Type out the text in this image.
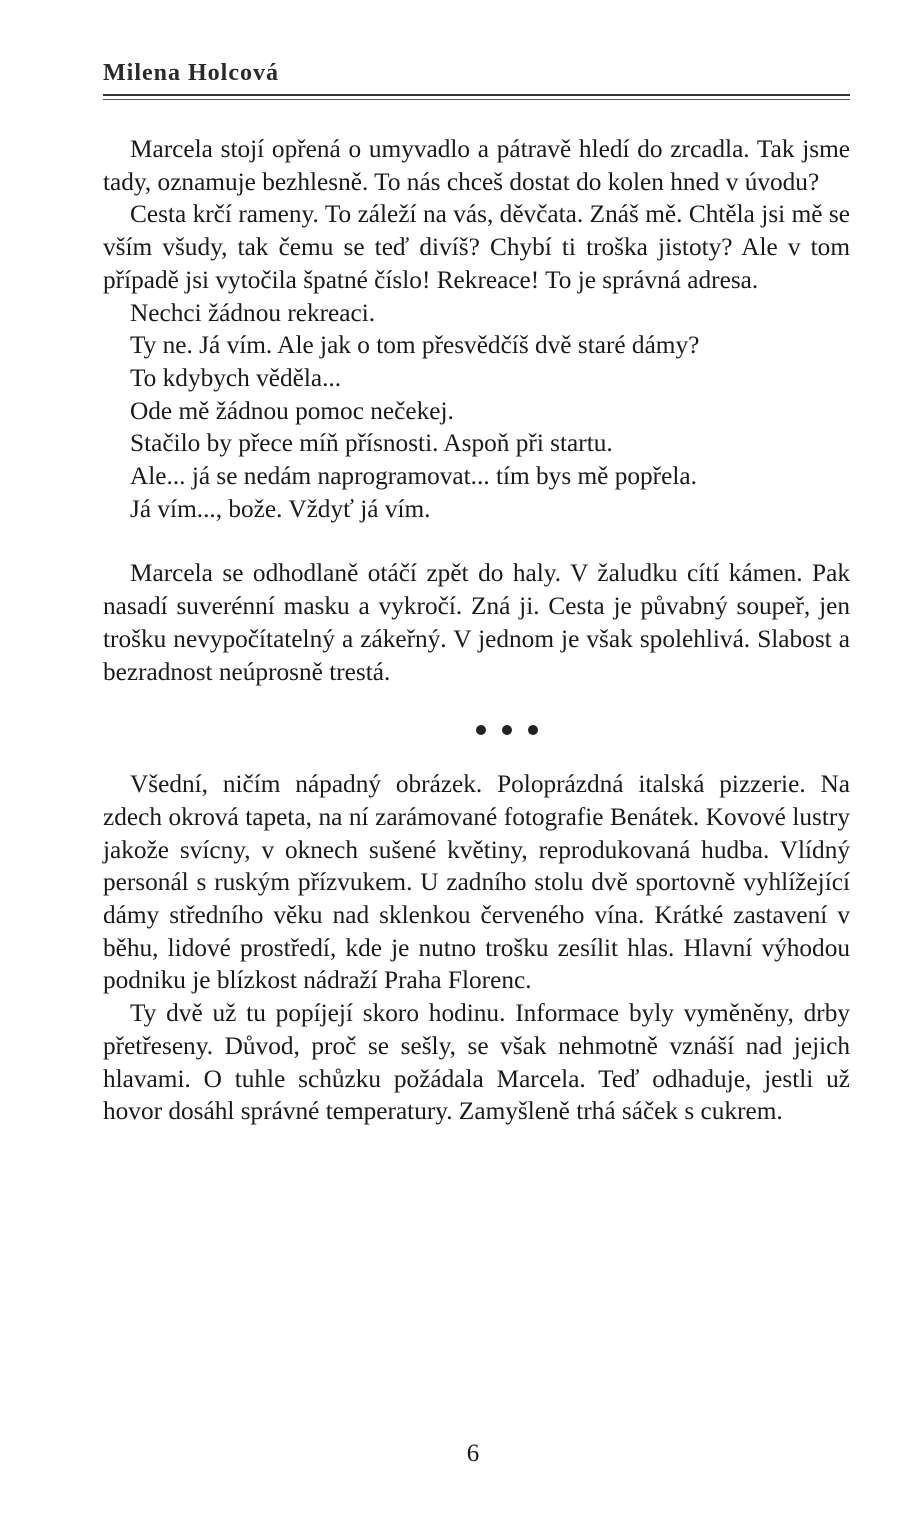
Milena Holcová

Marcela stojí opřená o umyvadlo a pátravě hledí do zrcadla. Tak jsme tady, oznamuje bezhlesně. To nás chceš dostat do kolen hned v úvodu?

Cesta krčí rameny. To záleží na vás, děvčata. Znáš mě. Chtěla jsi mě se vším všudy, tak čemu se teď divíš? Chybí ti troška jistoty? Ale v tom případě jsi vytočila špatné číslo! Rekreace! To je správná adresa.

Nechci žádnou rekreaci.

Ty ne. Já vím. Ale jak o tom přesvědčíš dvě staré dámy?

To kdybych věděla...

Ode mě žádnou pomoc nečekej.

Stačilo by přece míň přísnosti. Aspoň při startu.

Ale... já se nedám naprogramovat... tím bys mě popřela.

Já vím..., bože. Vždyť já vím.

Marcela se odhodlaně otáčí zpět do haly. V žaludku cítí kámen. Pak nasadí suverénní masku a vykročí. Zná ji. Cesta je půvabný soupeř, jen trošku nevypočítatelný a zákeřný. V jednom je však spolehlivá. Slabost a bezradnost neúprosně trestá.

Všední, ničím nápadný obrázek. Poloprázdná italská pizzerie. Na zdech okrová tapeta, na ní zarámované fotografie Benátek. Kovové lustry jakože svícny, v oknech sušené květiny, reprodukovaná hudba. Vlídný personál s ruským přízvukem. U zadního stolu dvě sportovně vyhlížející dámy středního věku nad sklenkou červeného vína. Krátké zastavení v běhu, lidové prostředí, kde je nutno trošku zesílit hlas. Hlavní výhodou podniku je blízkost nádraží Praha Florenc.

Ty dvě už tu popíjejí skoro hodinu. Informace byly vyměněny, drby přetřeseny. Důvod, proč se sešly, se však nehmotně vznáší nad jejich hlavami. O tuhle schůzku požádala Marcela. Teď odhaduje, jestli už hovor dosáhl správné temperatury. Zamyšleně trhá sáček s cukrem.

6
